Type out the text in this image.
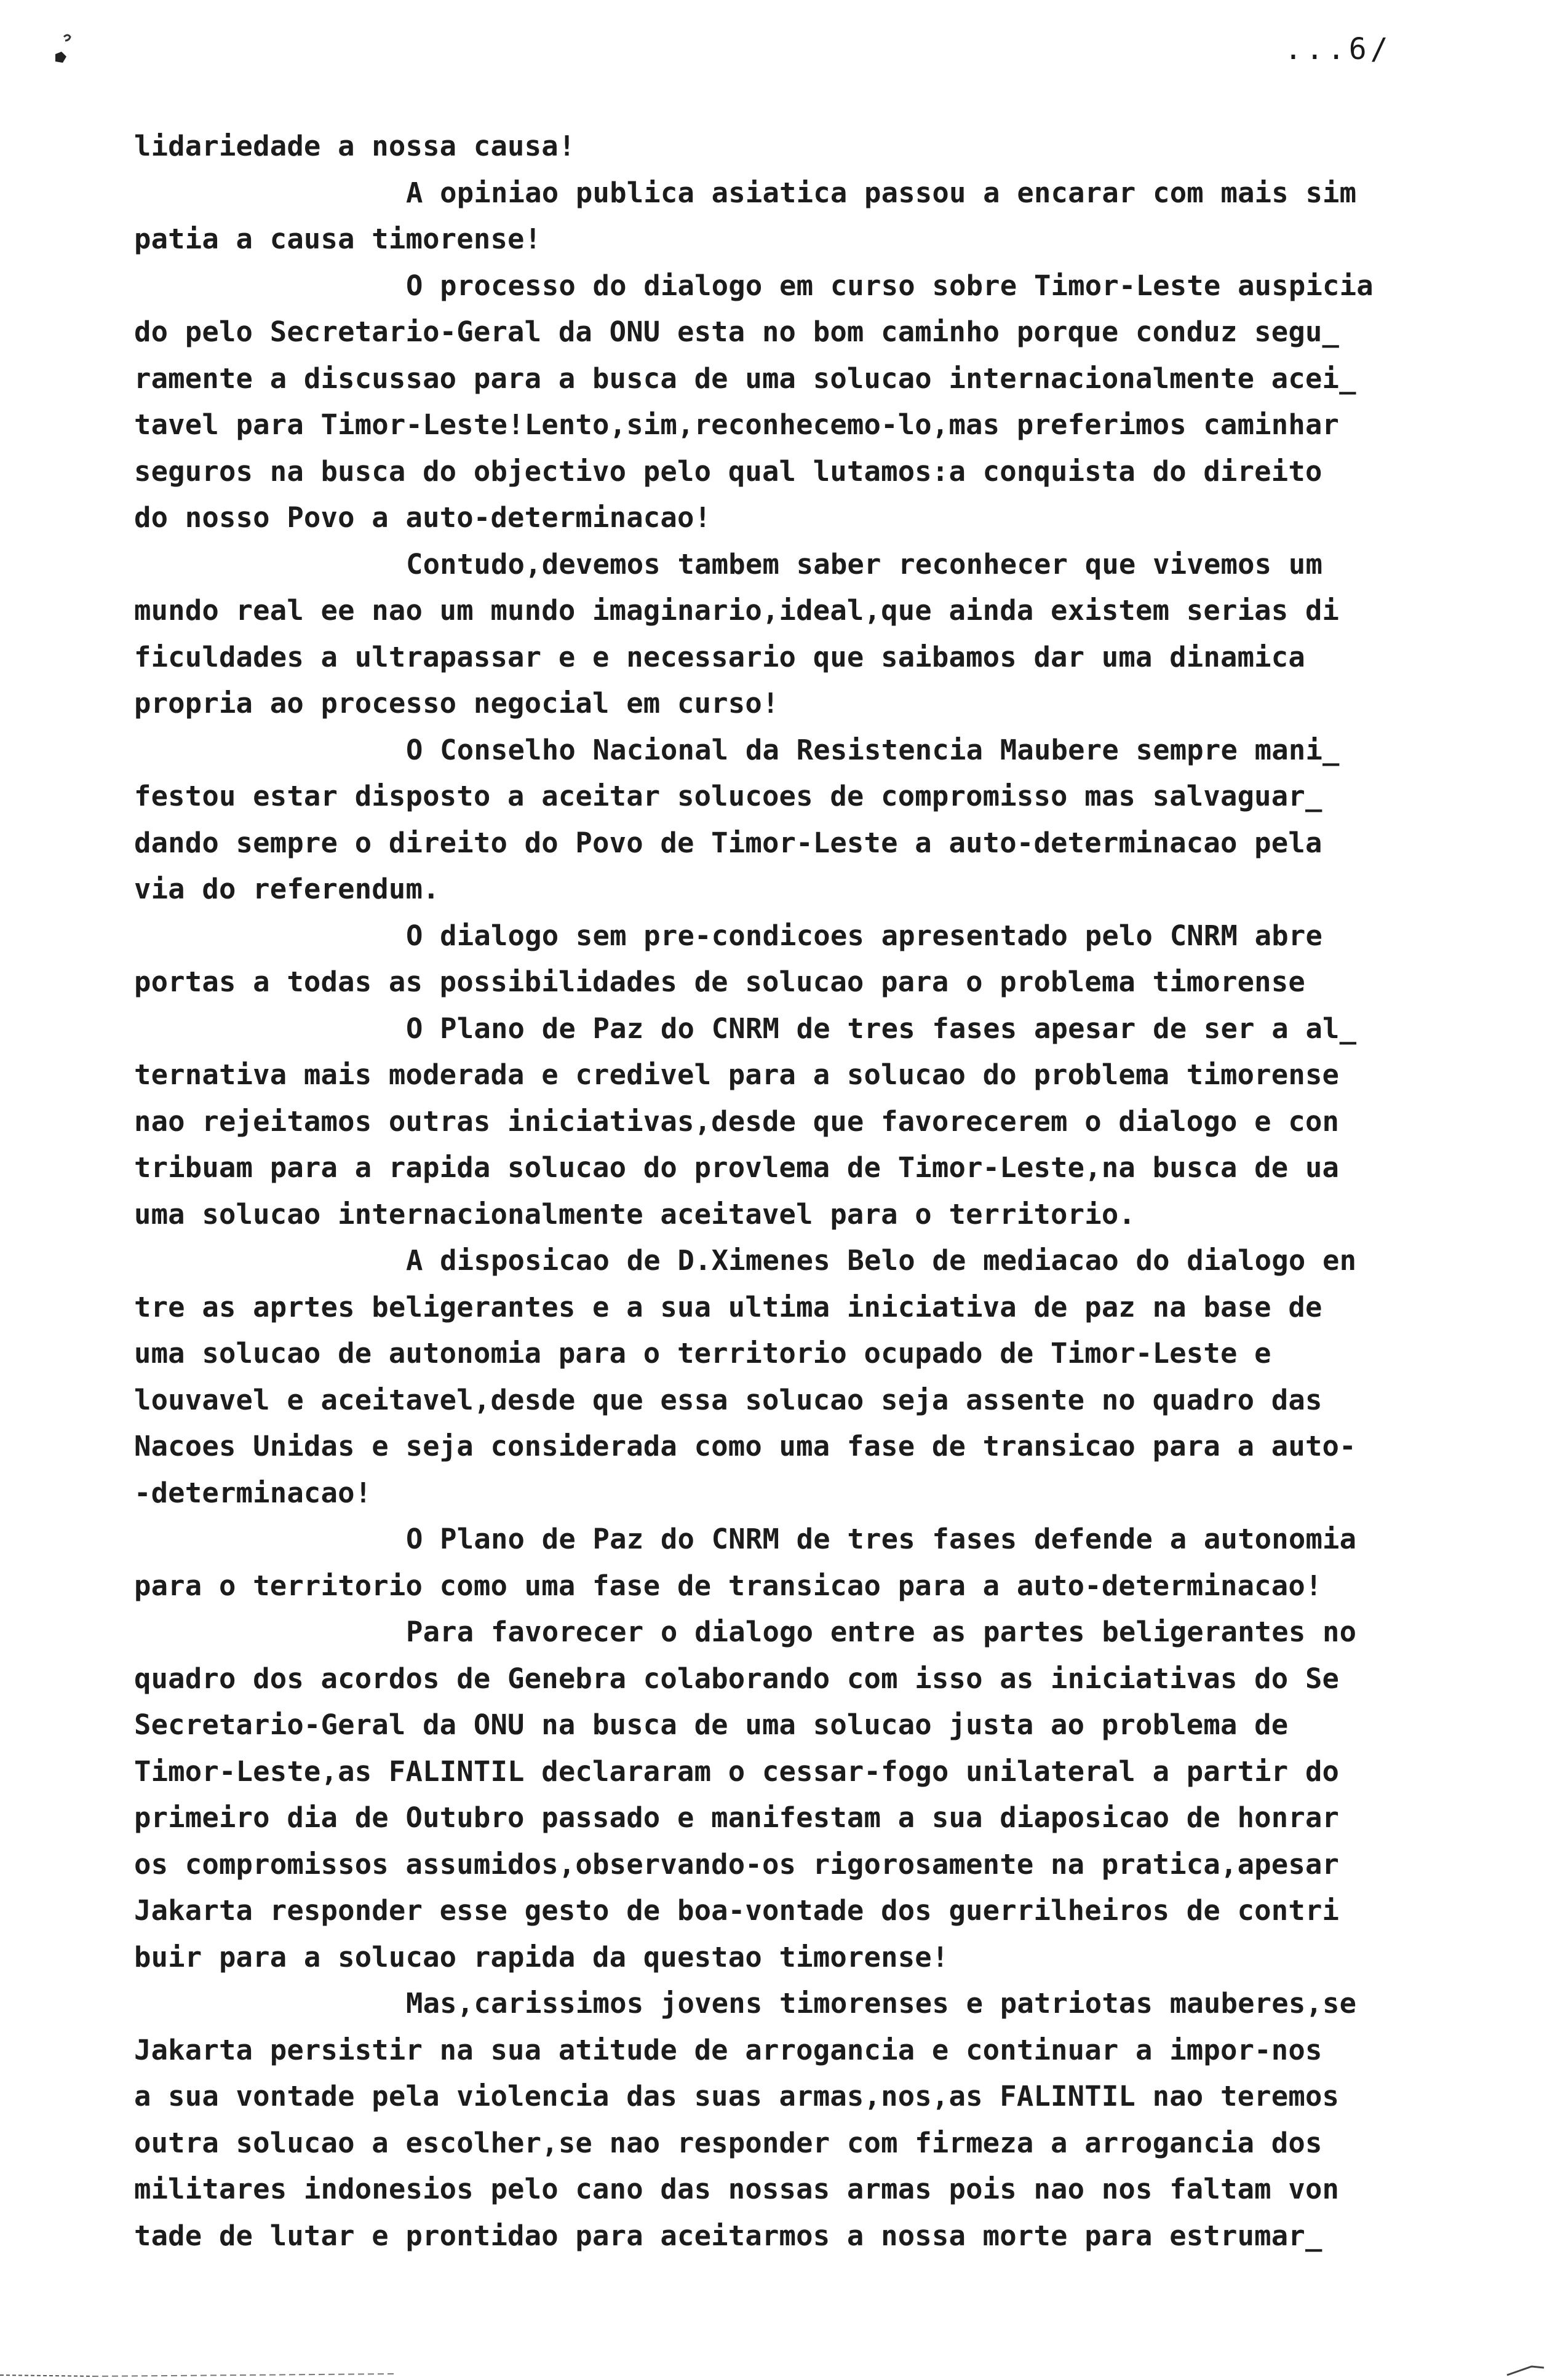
...6/
lidariedade a nossa causa!
A opiniao publica asiatica passou a encarar com mais sim
patia a causa timorense!
O processo do dialogo em curso sobre Timor-Leste auspicia
do pelo Secretario-Geral da ONU esta no bom caminho porque conduz segu_
ramente a discussao para a busca de uma solucao internacionalmente acei_
tavel para Timor-Leste!Lento,sim,reconhecemo-lo,mas preferimos caminhar
seguros na busca do objectivo pelo qual lutamos:a conquista do direito
do nosso Povo a auto-determinacao!
Contudo,devemos tambem saber reconhecer que vivemos um
mundo real ee nao um mundo imaginario,ideal,que ainda existem serias di
ficuldades a ultrapassar e e necessario que saibamos dar uma dinamica
propria ao processo negocial em curso!
O Conselho Nacional da Resistencia Maubere sempre mani_
festou estar disposto a aceitar solucoes de compromisso mas salvaguar_
dando sempre o direito do Povo de Timor-Leste a auto-determinacao pela
via do referendum.
O dialogo sem pre-condicoes apresentado pelo CNRM abre
portas a todas as possibilidades de solucao para o problema timorense
O Plano de Paz do CNRM de tres fases apesar de ser a al_
ternativa mais moderada e credivel para a solucao do problema timorense
nao rejeitamos outras iniciativas,desde que favorecerem o dialogo e con
tribuam para a rapida solucao do provlema de Timor-Leste,na busca de ua
uma solucao internacionalmente aceitavel para o territorio.
A disposicao de D.Ximenes Belo de mediacao do dialogo en
tre as aprtes beligerantes e a sua ultima iniciativa de paz na base de
uma solucao de autonomia para o territorio ocupado de Timor-Leste e
louvavel e aceitavel,desde que essa solucao seja assente no quadro das
Nacoes Unidas e seja considerada como uma fase de transicao para a auto-
-determinacao!
O Plano de Paz do CNRM de tres fases defende a autonomia
para o territorio como uma fase de transicao para a auto-determinacao!
Para favorecer o dialogo entre as partes beligerantes no
quadro dos acordos de Genebra colaborando com isso as iniciativas do Se
Secretario-Geral da ONU na busca de uma solucao justa ao problema de
Timor-Leste,as FALINTIL declararam o cessar-fogo unilateral a partir do
primeiro dia de Outubro passado e manifestam a sua diaposicao de honrar
os compromissos assumidos,observando-os rigorosamente na pratica,apesar
Jakarta responder esse gesto de boa-vontade dos guerrilheiros de contri
buir para a solucao rapida da questao timorense!
Mas,carissimos jovens timorenses e patriotas mauberes,se
Jakarta persistir na sua atitude de arrogancia e continuar a impor-nos
a sua vontade pela violencia das suas armas,nos,as FALINTIL nao teremos
outra solucao a escolher,se nao responder com firmeza a arrogancia dos
militares indonesios pelo cano das nossas armas pois nao nos faltam von
tade de lutar e prontidao para aceitarmos a nossa morte para estrumar_
